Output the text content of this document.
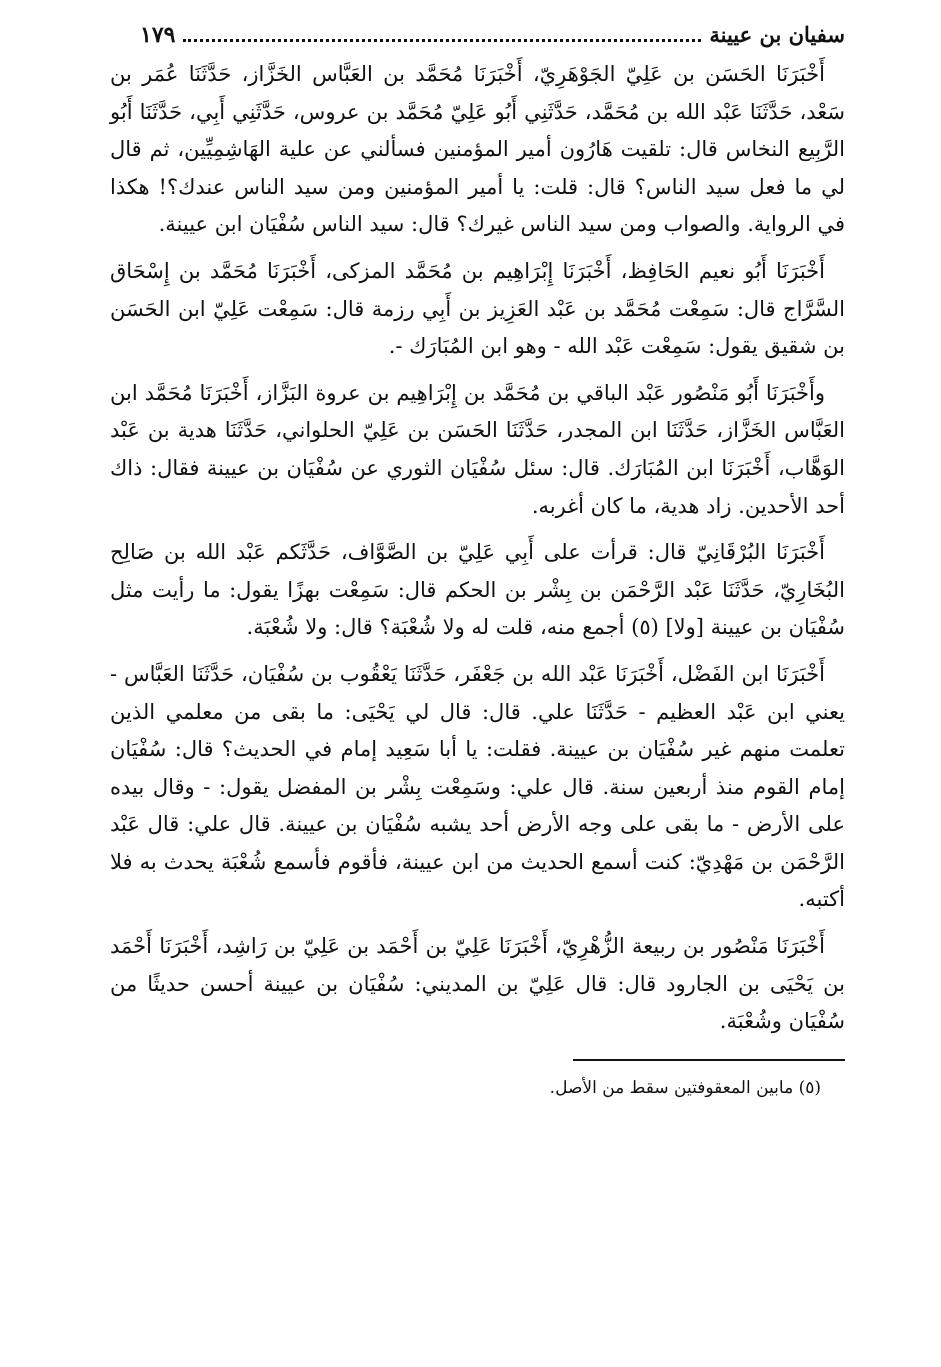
سفيان بن عيينة
١٧٩

أَخْبَرَنَا الحَسَن بن عَلِيّ الجَوْهَرِيّ، أَخْبَرَنَا مُحَمَّد بن العَبَّاس الخَزَّاز، حَدَّثَنَا عُمَر بن سَعْد، حَدَّثَنَا عَبْد الله بن مُحَمَّد، حَدَّثَنِي أَبُو عَلِيّ مُحَمَّد بن عروس، حَدَّثَنِي أَبِي، حَدَّثَنَا أَبُو الرَّبِيع النخاس قال: تلقيت هَارُون أمير المؤمنين فسألني عن علية الهَاشِمِيِّين، ثم قال لي ما فعل سيد الناس؟ قال: قلت: يا أمير المؤمنين ومن سيد الناس عندك؟! هكذا في الرواية. والصواب ومن سيد الناس غيرك؟ قال: سيد الناس سُفْيَان ابن عيينة.

أَخْبَرَنَا أَبُو نعيم الحَافِظ، أَخْبَرَنَا إِبْرَاهِيم بن مُحَمَّد المزكى، أَخْبَرَنَا مُحَمَّد بن إِسْحَاق السَّرَّاج قال: سَمِعْت مُحَمَّد بن عَبْد العَزِيز بن أَبِي رزمة قال: سَمِعْت عَلِيّ ابن الحَسَن بن شقيق يقول: سَمِعْت عَبْد الله - وهو ابن المُبَارَك -.

وأَخْبَرَنَا أَبُو مَنْصُور عَبْد الباقي بن مُحَمَّد بن إِبْرَاهِيم بن عروة البَزَّاز، أَخْبَرَنَا مُحَمَّد ابن العَبَّاس الخَزَّاز، حَدَّثَنَا ابن المجدر، حَدَّثَنَا الحَسَن بن عَلِيّ الحلواني، حَدَّثَنَا هدية بن عَبْد الوَهَّاب، أَخْبَرَنَا ابن المُبَارَك. قال: سئل سُفْيَان الثوري عن سُفْيَان بن عيينة فقال: ذاك أحد الأحدين. زاد هدية، ما كان أغربه.

أَخْبَرَنَا البُرْقَانِيّ قال: قرأت على أَبِي عَلِيّ بن الصَّوَّاف، حَدَّثَكم عَبْد الله بن صَالِح البُخَارِيّ، حَدَّثَنَا عَبْد الرَّحْمَن بن بِشْر بن الحكم قال: سَمِعْت بهزًا يقول: ما رأيت مثل سُفْيَان بن عيينة [ولا] (٥) أجمع منه، قلت له ولا شُعْبَة؟ قال: ولا شُعْبَة.

أَخْبَرَنَا ابن الفَضْل، أَخْبَرَنَا عَبْد الله بن جَعْفَر، حَدَّثَنَا يَعْقُوب بن سُفْيَان، حَدَّثَنَا العَبَّاس - يعني ابن عَبْد العظيم - حَدَّثَنَا علي. قال: قال لي يَحْيَى: ما بقى من معلمي الذين تعلمت منهم غير سُفْيَان بن عيينة. فقلت: يا أبا سَعِيد إمام في الحديث؟ قال: سُفْيَان إمام القوم منذ أربعين سنة. قال علي: وسَمِعْت بِشْر بن المفضل يقول: - وقال بيده على الأرض - ما بقى على وجه الأرض أحد يشبه سُفْيَان بن عيينة. قال علي: قال عَبْد الرَّحْمَن بن مَهْدِيّ: كنت أسمع الحديث من ابن عيينة، فأقوم فأسمع شُعْبَة يحدث به فلا أكتبه.

أَخْبَرَنَا مَنْصُور بن ربيعة الزُّهْرِيّ، أَخْبَرَنَا عَلِيّ بن أَحْمَد بن عَلِيّ بن رَاشِد، أَخْبَرَنَا أَحْمَد بن يَحْيَى بن الجارود قال: قال عَلِيّ بن المديني: سُفْيَان بن عيينة أحسن حديثًا من سُفْيَان وشُعْبَة.

(٥) مابين المعقوفتين سقط من الأصل.
